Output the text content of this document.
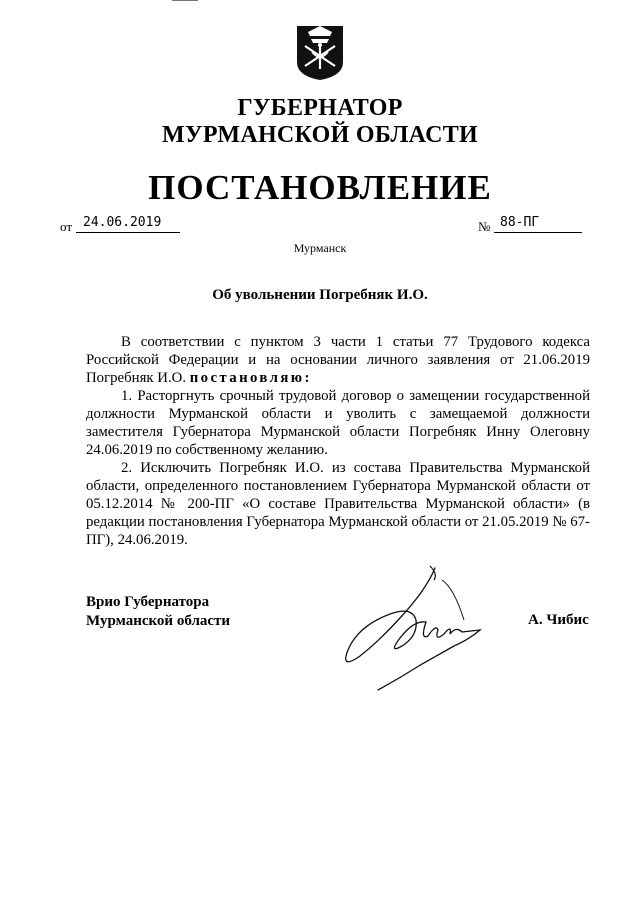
ГУБЕРНАТОР
МУРМАНСКОЙ ОБЛАСТИ
ПОСТАНОВЛЕНИЕ
от 24.06.2019	№ 88-ПГ
Мурманск
Об увольнении Погребняк И.О.

В соответствии с пунктом 3 части 1 статьи 77 Трудового кодекса Российской Федерации и на основании личного заявления от 21.06.2019 Погребняк И.О. постановляю:

1. Расторгнуть срочный трудовой договор о замещении государственной должности Мурманской области и уволить с замещаемой должности заместителя Губернатора Мурманской области Погребняк Инну Олеговну 24.06.2019 по собственному желанию.

2. Исключить Погребняк И.О. из состава Правительства Мурманской области, определенного постановлением Губернатора Мурманской области от 05.12.2014 № 200-ПГ «О составе Правительства Мурманской области» (в редакции постановления Губернатора Мурманской области от 21.05.2019 № 67-ПГ), 24.06.2019.

Врио Губернатора
Мурманской области	А. Чибис
